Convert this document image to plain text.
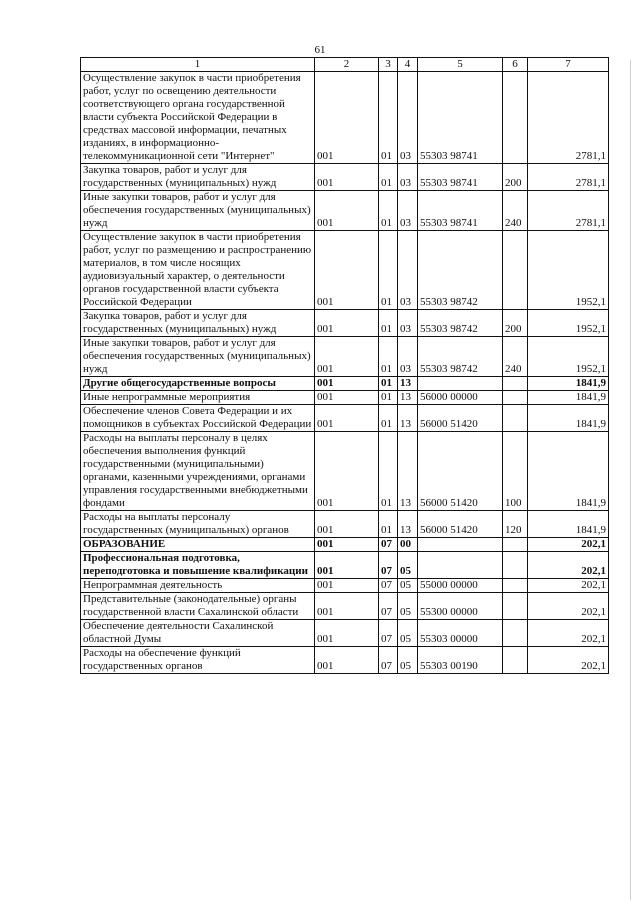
61
1	2	3	4	5	6	7
Осуществление закупок в части приобретения работ, услуг по освещению деятельности соответствующего органа государственной власти субъекта Российской Федерации в средствах массовой информации, печатных изданиях, в информационно-телекоммуникационной сети "Интернет"	001	01	03	55303 98741		2781,1
Закупка товаров, работ и услуг для государственных (муниципальных) нужд	001	01	03	55303 98741	200	2781,1
Иные закупки товаров, работ и услуг для обеспечения государственных (муниципальных) нужд	001	01	03	55303 98741	240	2781,1
Осуществление закупок в части приобретения работ, услуг по размещению и распространению материалов, в том числе носящих аудиовизуальный характер, о деятельности органов государственной власти субъекта Российской Федерации	001	01	03	55303 98742		1952,1
Закупка товаров, работ и услуг для государственных (муниципальных) нужд	001	01	03	55303 98742	200	1952,1
Иные закупки товаров, работ и услуг для обеспечения государственных (муниципальных) нужд	001	01	03	55303 98742	240	1952,1
Другие общегосударственные вопросы	001	01	13			1841,9
Иные непрограммные мероприятия	001	01	13	56000 00000		1841,9
Обеспечение членов Совета Федерации и их помощников в субъектах Российской Федерации	001	01	13	56000 51420		1841,9
Расходы на выплаты персоналу в целях обеспечения выполнения функций государственными (муниципальными) органами, казенными учреждениями, органами управления государственными внебюджетными фондами	001	01	13	56000 51420	100	1841,9
Расходы на выплаты персоналу государственных (муниципальных) органов	001	01	13	56000 51420	120	1841,9
ОБРАЗОВАНИЕ	001	07	00			202,1
Профессиональная подготовка, переподготовка и повышение квалификации	001	07	05			202,1
Непрограммная деятельность	001	07	05	55000 00000		202,1
Представительные (законодательные) органы государственной власти Сахалинской области	001	07	05	55300 00000		202,1
Обеспечение деятельности Сахалинской областной Думы	001	07	05	55303 00000		202,1
Расходы на обеспечение функций государственных органов	001	07	05	55303 00190		202,1
